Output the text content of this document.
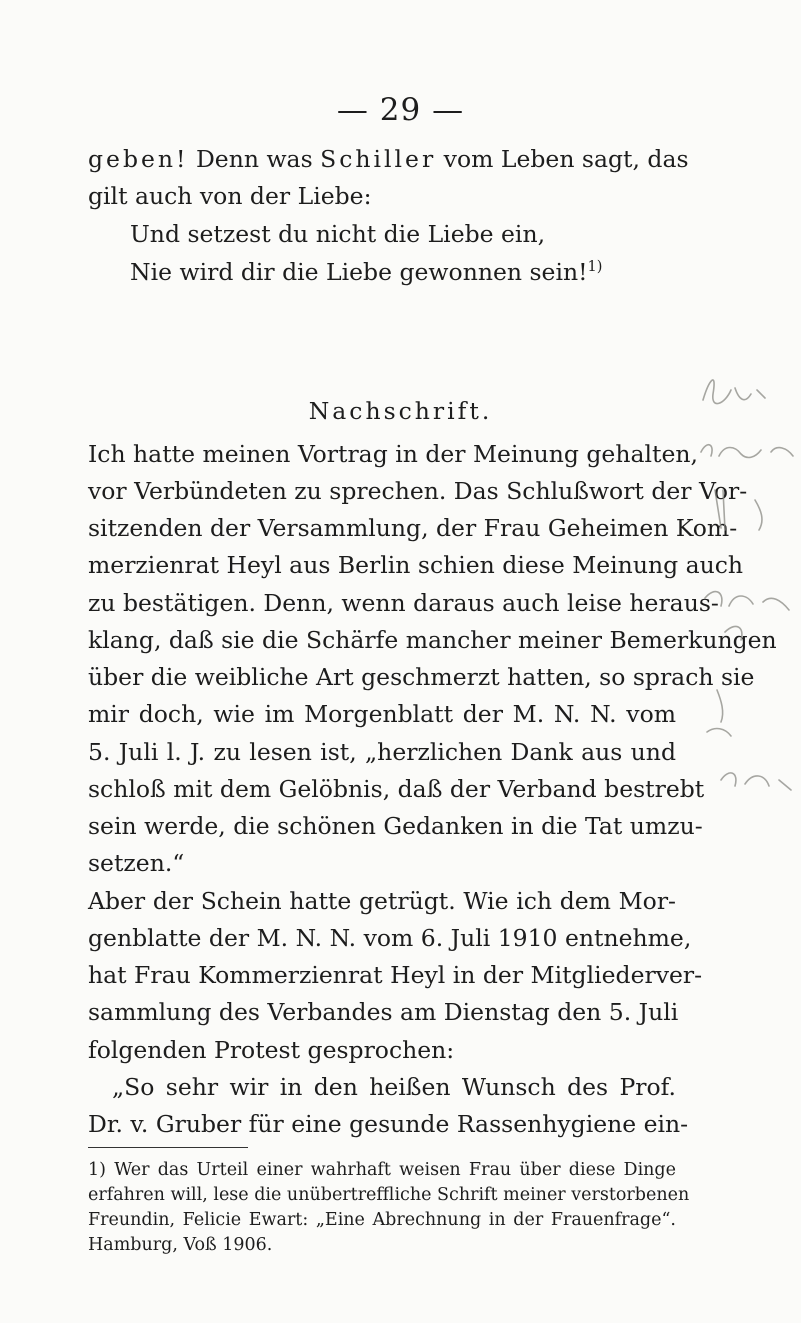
— 29 —
geben! Denn was Schiller vom Leben sagt, das
gilt auch von der Liebe:
Und setzest du nicht die Liebe ein,
Nie wird dir die Liebe gewonnen sein!$^{1)}$
Nachschrift.
Ich hatte meinen Vortrag in der Meinung gehalten,
vor Verbündeten zu sprechen. Das Schlußwort der Vor-
sitzenden der Versammlung, der Frau Geheimen Kom-
merzienrat Heyl aus Berlin schien diese Meinung auch
zu bestätigen. Denn, wenn daraus auch leise heraus-
klang, daß sie die Schärfe mancher meiner Bemerkungen
über die weibliche Art geschmerzt hatten, so sprach sie
mir doch, wie im Morgenblatt der M. N. N. vom
5. Juli l. J. zu lesen ist, „herzlichen Dank aus und
schloß mit dem Gelöbnis, daß der Verband bestrebt
sein werde, die schönen Gedanken in die Tat umzu-
setzen.“
Aber der Schein hatte getrügt. Wie ich dem Mor-
genblatte der M. N. N. vom 6. Juli 1910 entnehme,
hat Frau Kommerzienrat Heyl in der Mitgliederver-
sammlung des Verbandes am Dienstag den 5. Juli
folgenden Protest gesprochen:
„So sehr wir in den heißen Wunsch des Prof.
Dr. v. Gruber für eine gesunde Rassenhygiene ein-
1) Wer das Urteil einer wahrhaft weisen Frau über diese Dinge
erfahren will, lese die unübertreffliche Schrift meiner verstorbenen
Freundin, Felicie Ewart: „Eine Abrechnung in der Frauenfrage“.
Hamburg, Voß 1906.
